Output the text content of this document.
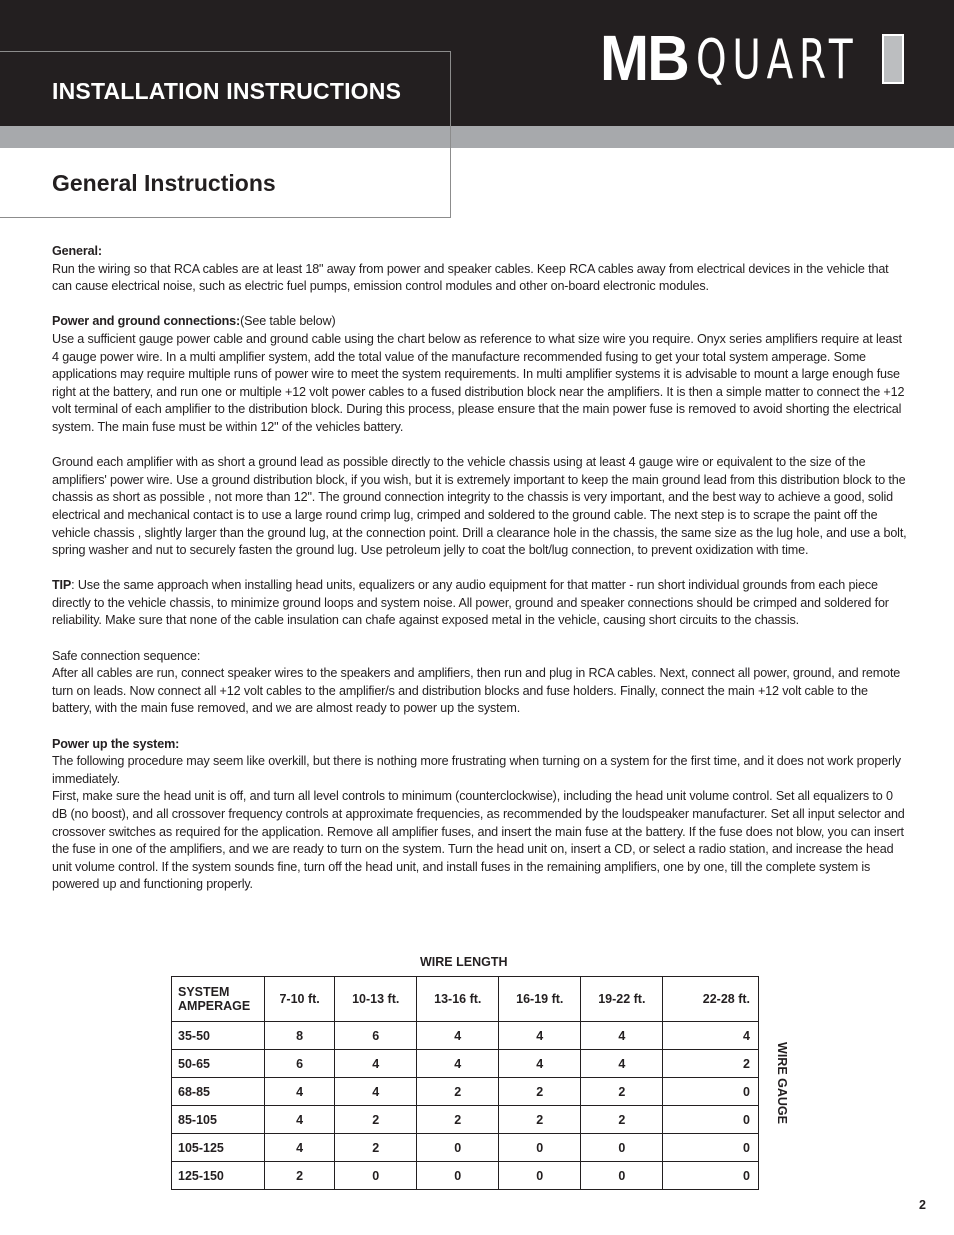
INSTALLATION INSTRUCTIONS
General Instructions
MB QUART

General:
Run the wiring so that RCA cables are at least 18" away from power and speaker cables. Keep RCA cables away from electrical devices in the vehicle that can cause electrical noise, such as electric fuel pumps, emission control modules and other on-board electronic modules.

Power and ground connections:(See table below)
Use a sufficient gauge power cable and ground cable using the chart below as reference to what size wire you require. Onyx series amplifiers require at least 4 gauge power wire. In a multi amplifier system, add the total value of the manufacture recommended fusing to get your total system amperage. Some applications may require multiple runs of power wire to meet the system requirements. In multi amplifier systems it is advisable to mount a large enough fuse right at the battery, and run one or multiple +12 volt power cables to a fused distribution block near the amplifiers. It is then a simple matter to connect the +12 volt terminal of each amplifier to the distribution block. During this process, please ensure that the main power fuse is removed to avoid shorting the electrical system. The main fuse must be within 12" of the vehicles battery.

Ground each amplifier with as short a ground lead as possible directly to the vehicle chassis using at least 4 gauge wire or equivalent to the size of the amplifiers' power wire. Use a ground distribution block, if you wish, but it is extremely important to keep the main ground lead from this distribution block to the chassis as short as possible , not more than 12". The ground connection integrity to the chassis is very important, and the best way to achieve a good, solid electrical and mechanical contact is to use a large round crimp lug, crimped and soldered to the ground cable. The next step is to scrape the paint off the vehicle chassis , slightly larger than the ground lug, at the connection point. Drill a clearance hole in the chassis, the same size as the lug hole, and use a bolt, spring washer and nut to securely fasten the ground lug. Use petroleum jelly to coat the bolt/lug connection, to prevent oxidization with time.

TIP: Use the same approach when installing head units, equalizers or any audio equipment for that matter - run short individual grounds from each piece directly to the vehicle chassis, to minimize ground loops and system noise. All power, ground and speaker connections should be crimped and soldered for reliability. Make sure that none of the cable insulation can chafe against exposed metal in the vehicle, causing short circuits to the chassis.

Safe connection sequence:
After all cables are run, connect speaker wires to the speakers and amplifiers, then run and plug in RCA cables. Next, connect all power, ground, and remote turn on leads. Now connect all +12 volt cables to the amplifier/s and distribution blocks and fuse holders. Finally, connect the main +12 volt cable to the battery, with the main fuse removed, and we are almost ready to power up the system.

Power up the system:
The following procedure may seem like overkill, but there is nothing more frustrating when turning on a system for the first time, and it does not work properly immediately.
First, make sure the head unit is off, and turn all level controls to minimum (counterclockwise), including the head unit volume control. Set all equalizers to 0 dB (no boost), and all crossover frequency controls at approximate frequencies, as recommended by the loudspeaker manufacturer. Set all input selector and crossover switches as required for the application. Remove all amplifier fuses, and insert the main fuse at the battery. If the fuse does not blow, you can insert the fuse in one of the amplifiers, and we are ready to turn on the system. Turn the head unit on, insert a CD, or select a radio station, and increase the head unit volume control. If the system sounds fine, turn off the head unit, and install fuses in the remaining amplifiers, one by one, till the complete system is powered up and functioning properly.

WIRE LENGTH

SYSTEM AMPERAGE	7-10 ft.	10-13 ft.	13-16 ft.	16-19 ft.	19-22 ft.	22-28 ft.
35-50	8	6	4	4	4	4
50-65	6	4	4	4	4	2
68-85	4	4	2	2	2	0
85-105	4	2	2	2	2	0
105-125	4	2	0	0	0	0
125-150	2	0	0	0	0	0
WIRE GAUGE

2
